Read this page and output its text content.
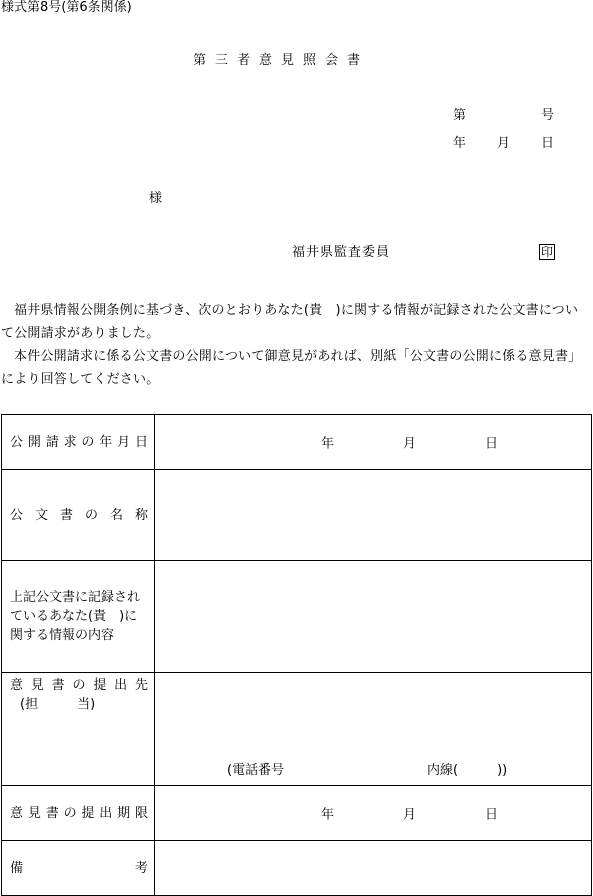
様式第8号(第6条関係)
第三者意見照会書
第	号
年 月 日
様
福井県監査委員	印

福井県情報公開条例に基づき、次のとおりあなた(貴　)に関する情報が記録された公文書について公開請求がありました。

本件公開請求に係る公文書の公開について御意見があれば、別紙「公文書の公開に係る意見書」により回答してください。

公開請求の年月日	年 月 日

公文書の名称	
上記公文書に記録されているあなた(貴　)に関する情報の内容	

意見書の提出先
(担　　　当)	(電話番号 内線(　　　))

意見書の提出期限	年 月 日

備考	
